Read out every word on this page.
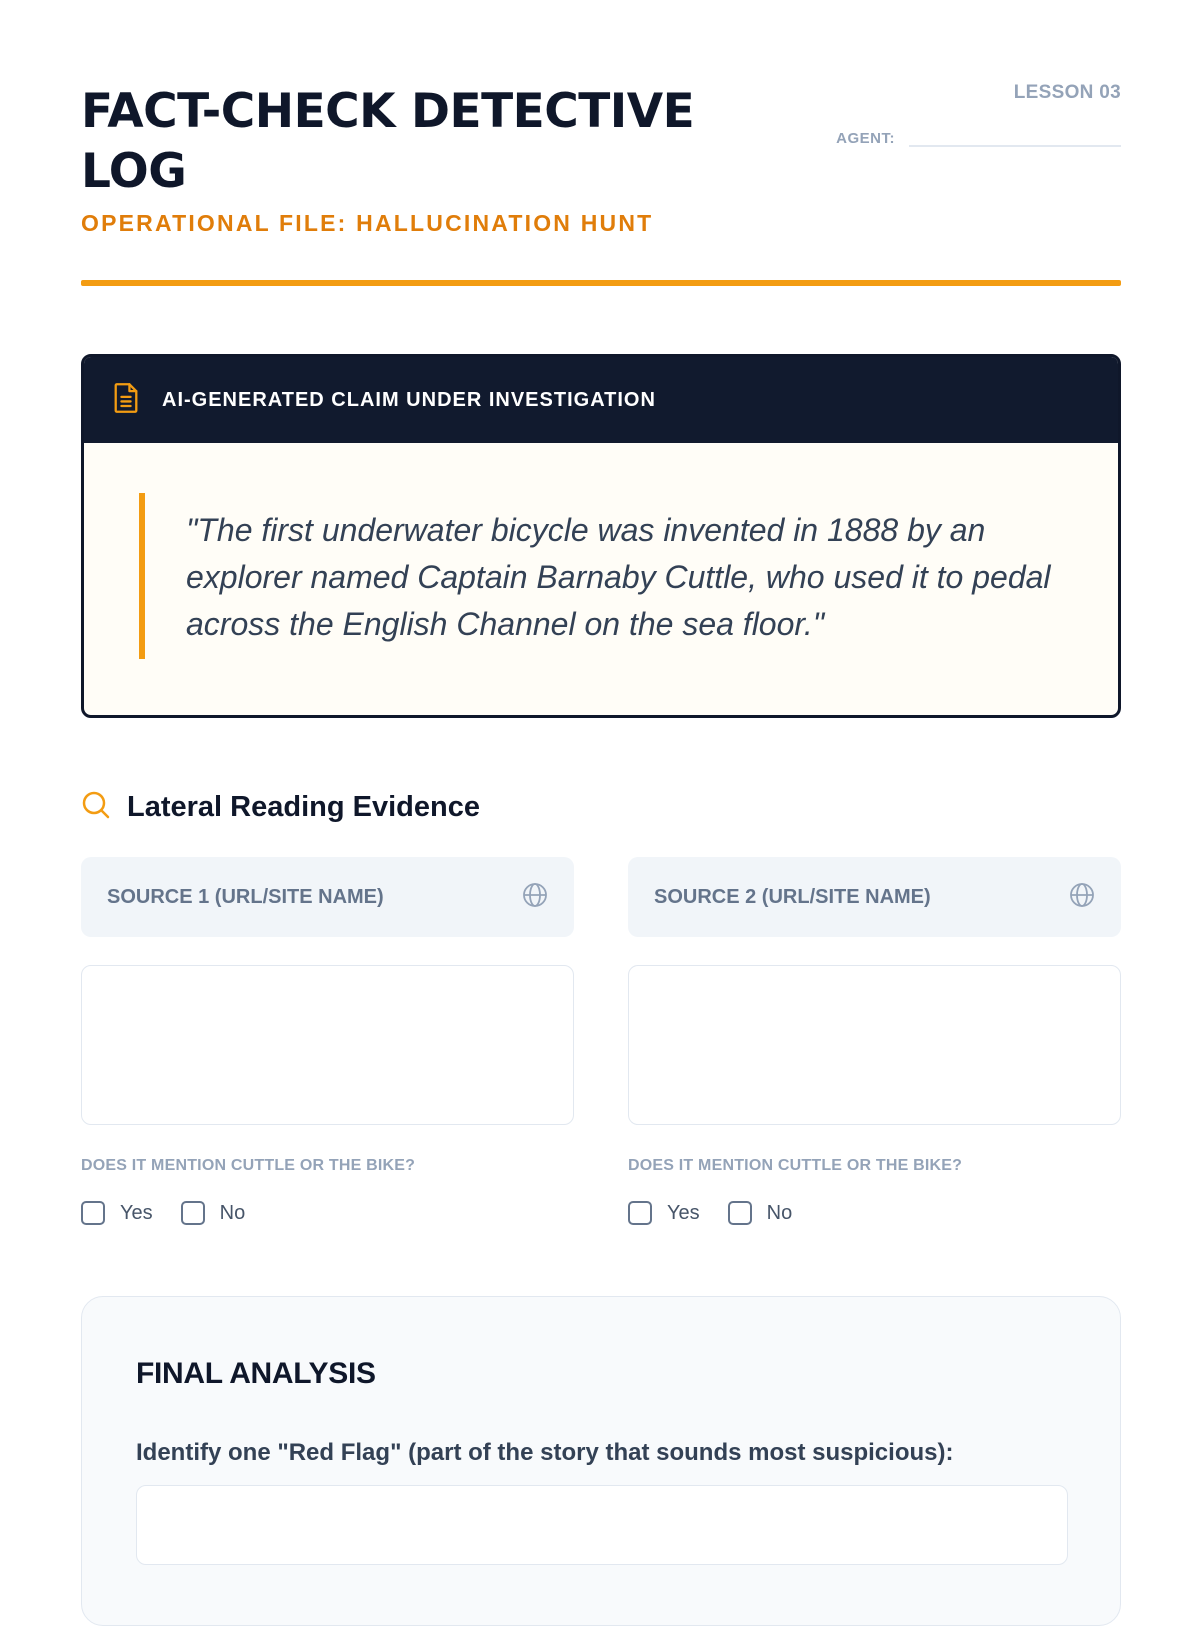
FACT-CHECK DETECTIVE LOG
OPERATIONAL FILE: HALLUCINATION HUNT
LESSON 03
AGENT:
AI-GENERATED CLAIM UNDER INVESTIGATION

"The first underwater bicycle was invented in 1888 by an explorer named Captain Barnaby Cuttle, who used it to pedal across the English Channel on the sea floor."

Lateral Reading Evidence
SOURCE 1 (URL/SITE NAME)
DOES IT MENTION CUTTLE OR THE BIKE?
Yes	No
SOURCE 2 (URL/SITE NAME)
DOES IT MENTION CUTTLE OR THE BIKE?
Yes	No
FINAL ANALYSIS
Identify one "Red Flag" (part of the story that sounds most suspicious):
